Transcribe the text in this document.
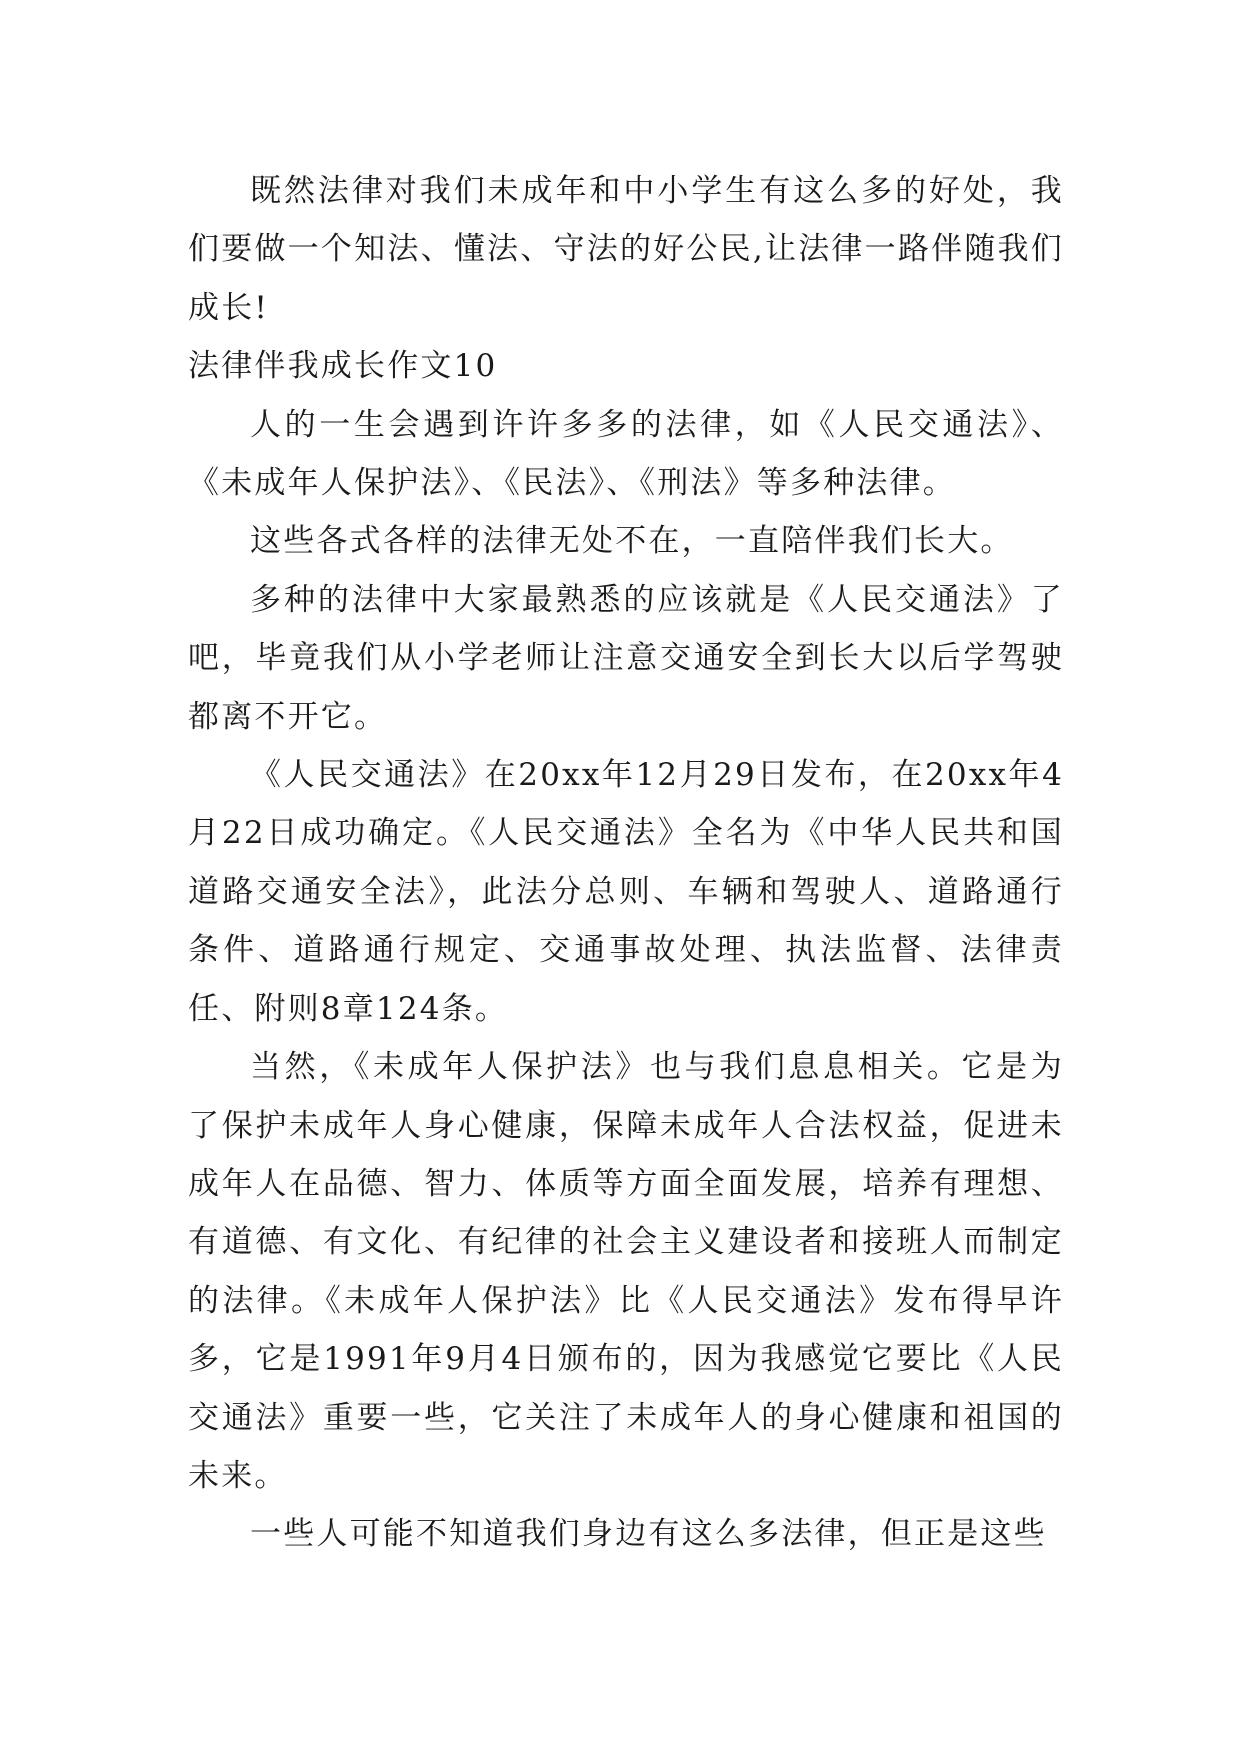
既然法律对我们未成年和中小学生有这么多的好处，我们要做一个知法、懂法、守法的好公民,让法律一路伴随我们成长!

法律伴我成长作文10

人的一生会遇到许许多多的法律，如《人民交通法》、《未成年人保护法》、《民法》、《刑法》等多种法律。

这些各式各样的法律无处不在，一直陪伴我们长大。

多种的法律中大家最熟悉的应该就是《人民交通法》了吧，毕竟我们从小学老师让注意交通安全到长大以后学驾驶都离不开它。

《人民交通法》在20xx年12月29日发布，在20xx年4月22日成功确定。《人民交通法》全名为《中华人民共和国道路交通安全法》，此法分总则、车辆和驾驶人、道路通行条件、道路通行规定、交通事故处理、执法监督、法律责任、附则8章124条。

当然，《未成年人保护法》也与我们息息相关。它是为了保护未成年人身心健康，保障未成年人合法权益，促进未成年人在品德、智力、体质等方面全面发展，培养有理想、有道德、有文化、有纪律的社会主义建设者和接班人而制定的法律。《未成年人保护法》比《人民交通法》发布得早许多，它是1991年9月4日颁布的，因为我感觉它要比《人民交通法》重要一些，它关注了未成年人的身心健康和祖国的未来。

一些人可能不知道我们身边有这么多法律，但正是这些
